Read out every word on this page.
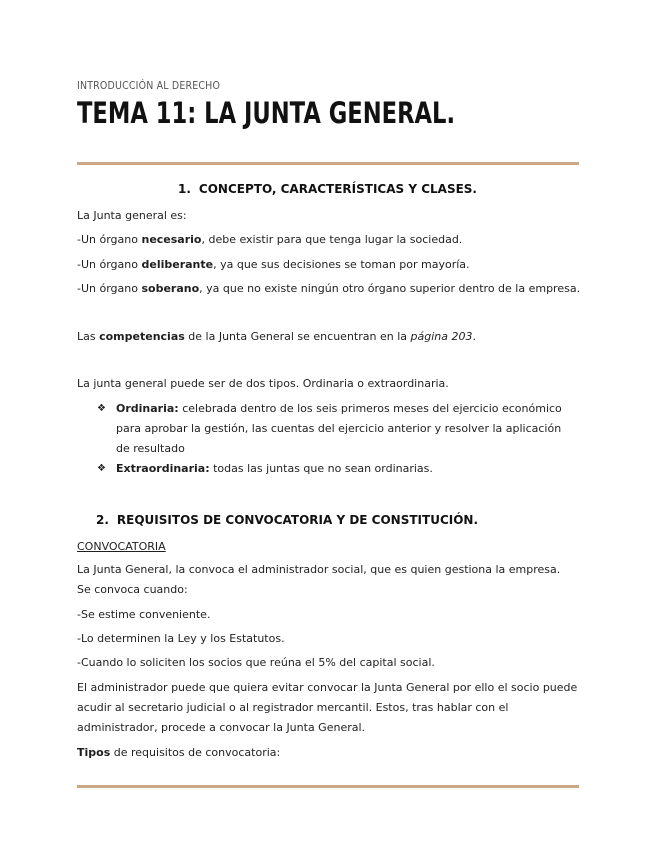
INTRODUCCIÓN AL DERECHO
TEMA 11: LA JUNTA GENERAL.
1. CONCEPTO, CARACTERÍSTICAS Y CLASES.
La Junta general es:
-Un órgano necesario, debe existir para que tenga lugar la sociedad.
-Un órgano deliberante, ya que sus decisiones se toman por mayoría.
-Un órgano soberano, ya que no existe ningún otro órgano superior dentro de la empresa.
Las competencias de la Junta General se encuentran en la página 203.
La junta general puede ser de dos tipos. Ordinaria o extraordinaria.
❖ Ordinaria: celebrada dentro de los seis primeros meses del ejercicio económico para aprobar la gestión, las cuentas del ejercicio anterior y resolver la aplicación de resultado
❖ Extraordinaria: todas las juntas que no sean ordinarias.
2. REQUISITOS DE CONVOCATORIA Y DE CONSTITUCIÓN.
CONVOCATORIA
La Junta General, la convoca el administrador social, que es quien gestiona la empresa. Se convoca cuando:
-Se estime conveniente.
-Lo determinen la Ley y los Estatutos.
-Cuando lo soliciten los socios que reúna el 5% del capital social.
El administrador puede que quiera evitar convocar la Junta General por ello el socio puede acudir al secretario judicial o al registrador mercantil. Estos, tras hablar con el administrador, procede a convocar la Junta General.
Tipos de requisitos de convocatoria:
